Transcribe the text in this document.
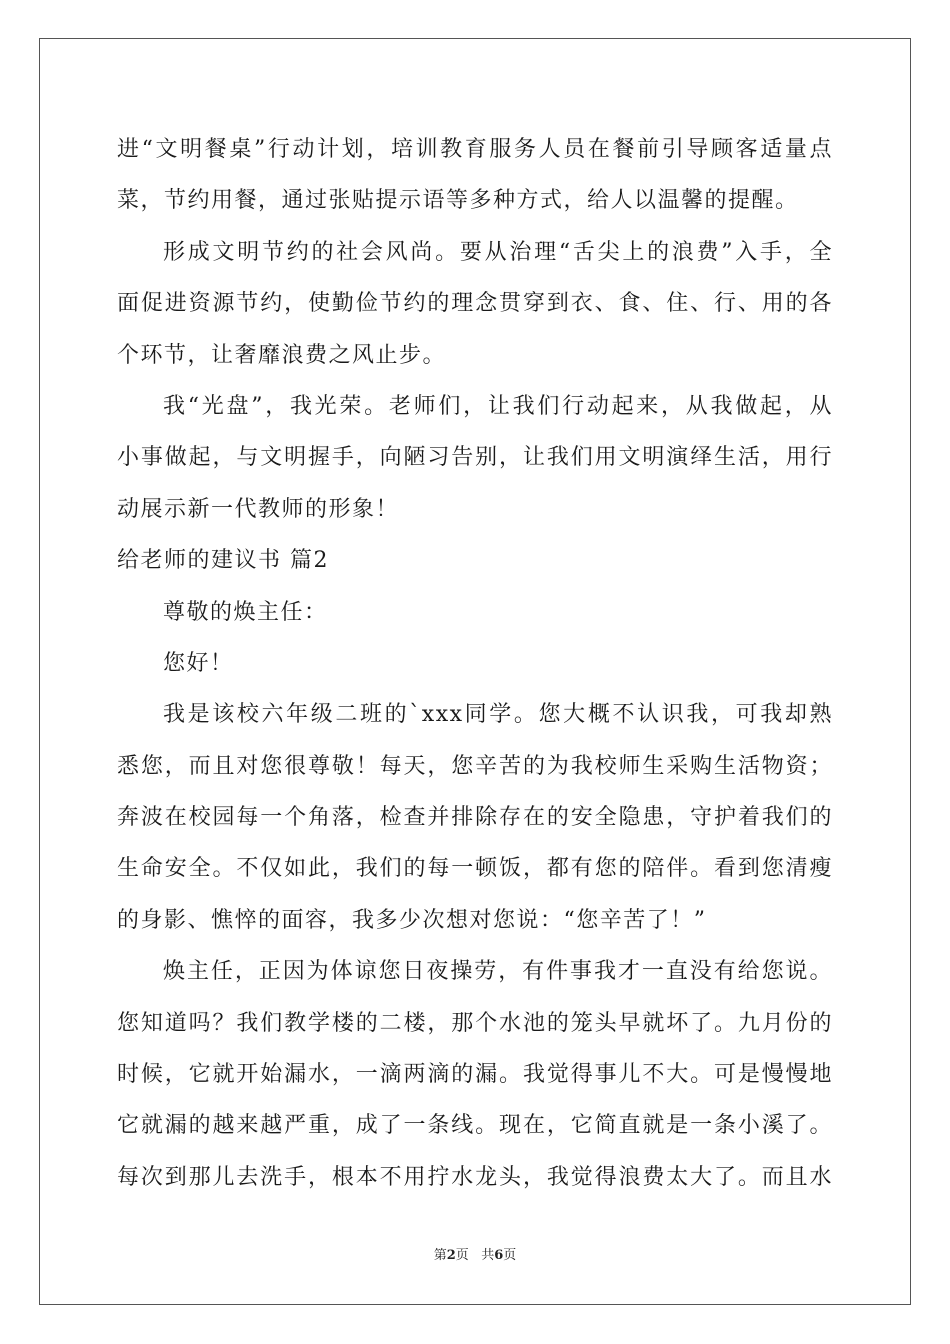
进“文明餐桌”行动计划，培训教育服务人员在餐前引导顾客适量点
菜，节约用餐，通过张贴提示语等多种方式，给人以温馨的提醒。
形成文明节约的社会风尚。要从治理“舌尖上的浪费”入手，全
面促进资源节约，使勤俭节约的理念贯穿到衣、食、住、行、用的各
个环节，让奢靡浪费之风止步。
我“光盘”，我光荣。老师们，让我们行动起来，从我做起，从
小事做起，与文明握手，向陋习告别，让我们用文明演绎生活，用行
动展示新一代教师的形象！
给老师的建议书 篇2
尊敬的焕主任：
您好！
我是该校六年级二班的`xxx同学。您大概不认识我，可我却熟
悉您，而且对您很尊敬！每天，您辛苦的为我校师生采购生活物资；
奔波在校园每一个角落，检查并排除存在的安全隐患，守护着我们的
生命安全。不仅如此，我们的每一顿饭，都有您的陪伴。看到您清瘦
的身影、憔悴的面容，我多少次想对您说：“您辛苦了！”
焕主任，正因为体谅您日夜操劳，有件事我才一直没有给您说。
您知道吗？我们教学楼的二楼，那个水池的笼头早就坏了。九月份的
时候，它就开始漏水，一滴两滴的漏。我觉得事儿不大。可是慢慢地
它就漏的越来越严重，成了一条线。现在，它简直就是一条小溪了。
每次到那儿去洗手，根本不用拧水龙头，我觉得浪费太大了。而且水
第2页 共6页
